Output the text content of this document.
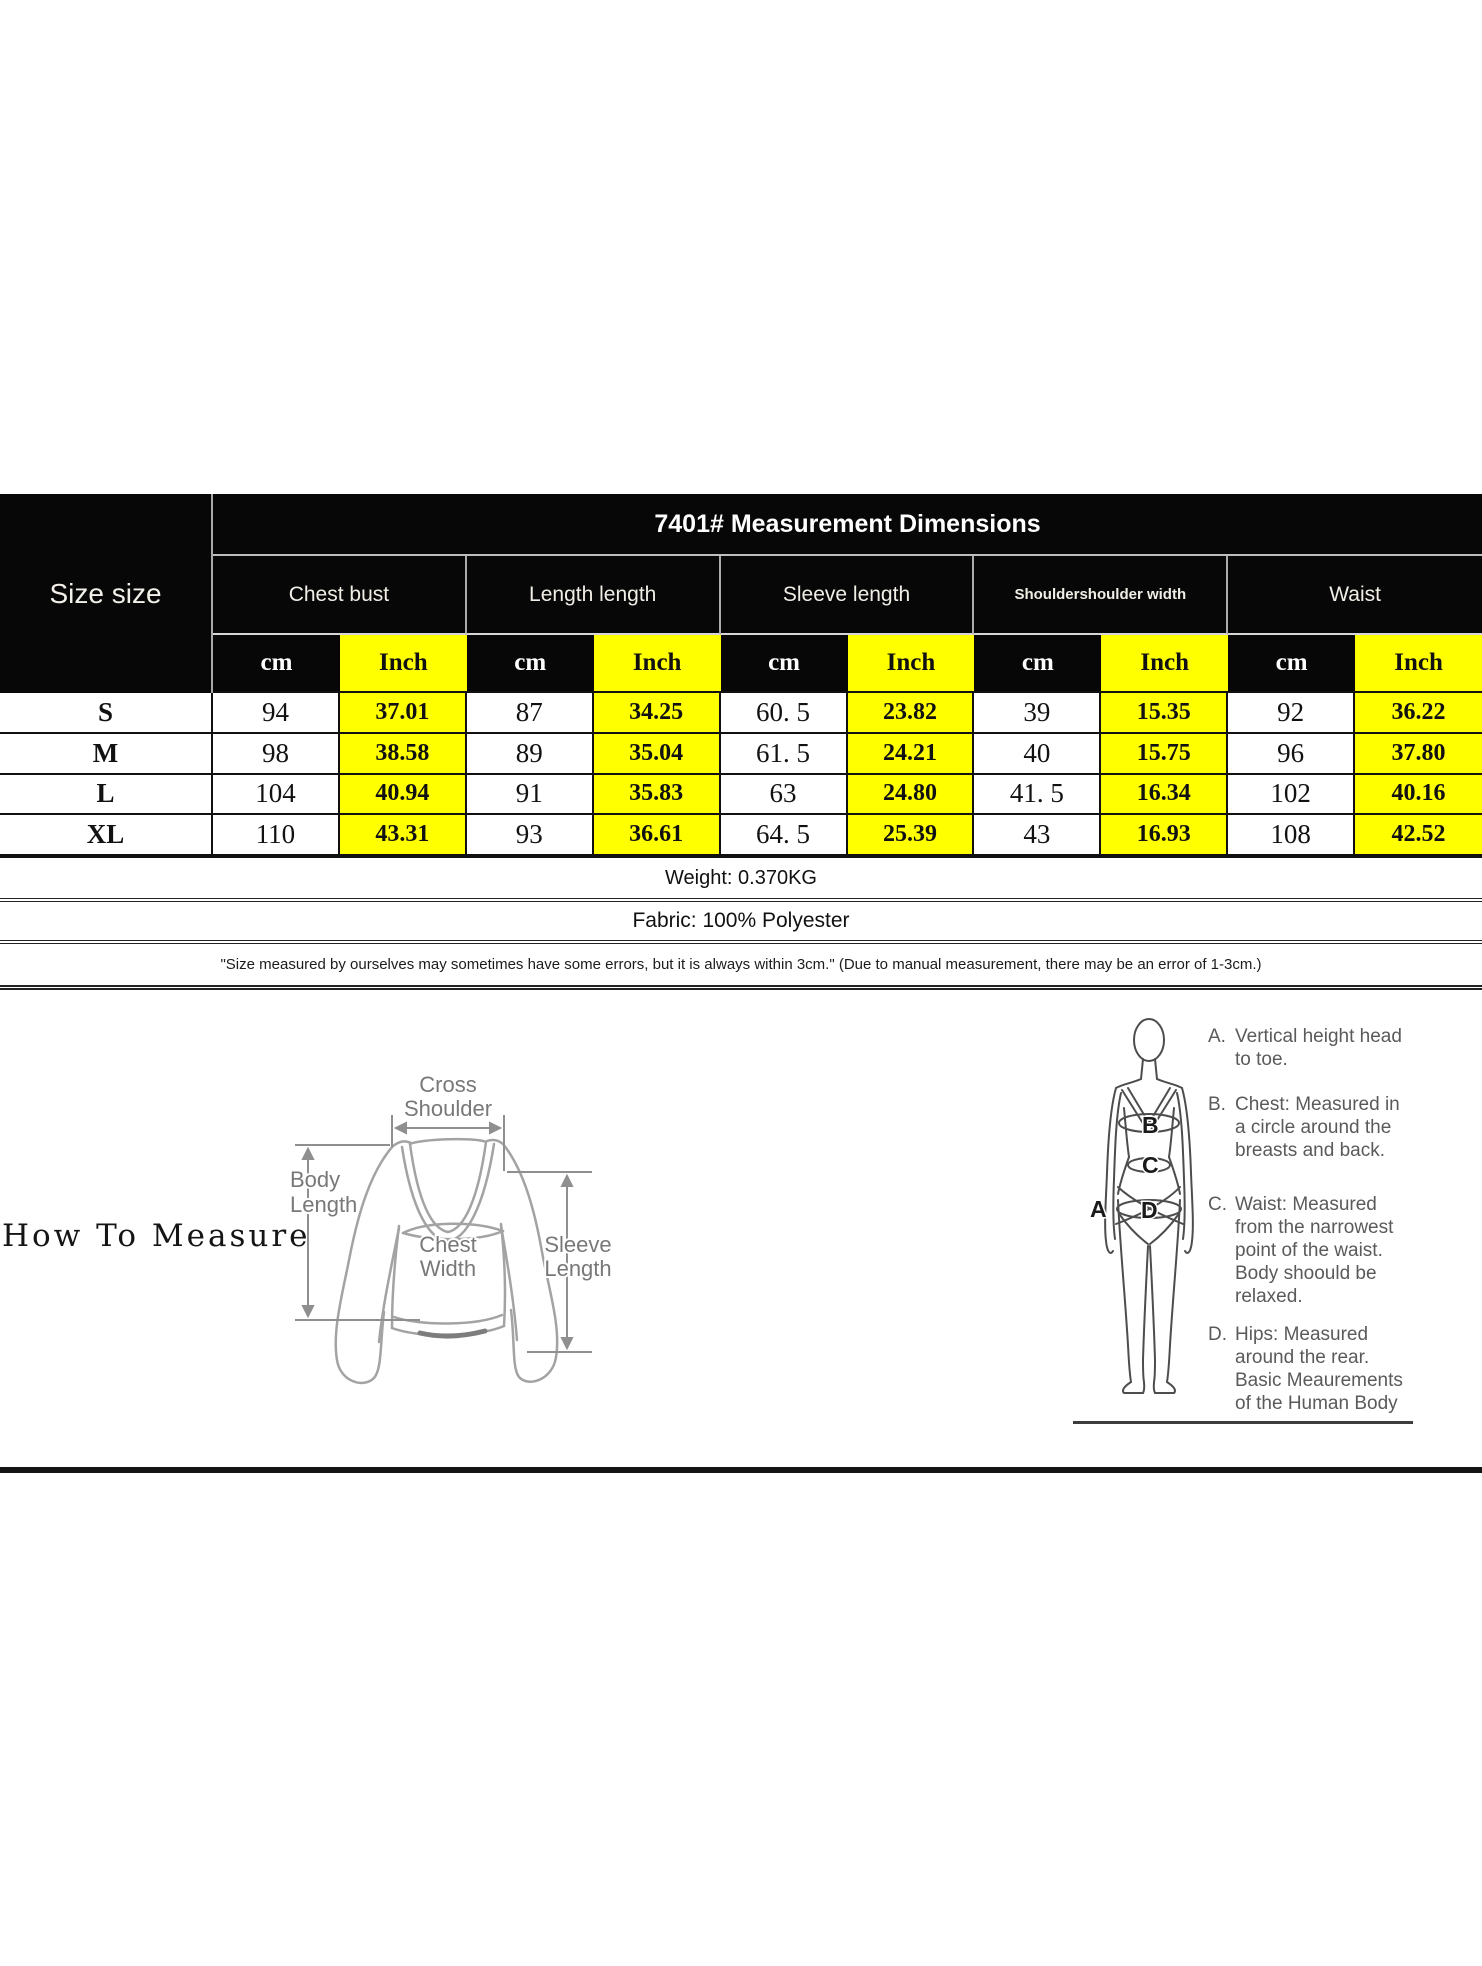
Size size
7401# Measurement Dimensions
Chest bust	Length length	Sleeve length	Shouldershoulder width	Waist
cm	Inch	cm	Inch	cm	Inch	cm	Inch	cm	Inch
S	94	37.01	87	34.25	60. 5	23.82	39	15.35	92	36.22
M	98	38.58	89	35.04	61. 5	24.21	40	15.75	96	37.80
L	104	40.94	91	35.83	63	24.80	41. 5	16.34	102	40.16
XL	110	43.31	93	36.61	64. 5	25.39	43	16.93	108	42.52
Weight: 0.370KG
Fabric: 100% Polyester
"Size measured by ourselves may sometimes have some errors, but it is always within 3cm." (Due to manual measurement, there may be an error of 1-3cm.)
How To Measure
Cross
Shoulder
Body
Length
Chest
Width
Sleeve
Length
A
B
C
D
A. Vertical height head to toe.
B. Chest: Measured in a circle around the breasts and back.
C. Waist: Measured from the narrowest point of the waist. Body shoould be relaxed.
D. Hips: Measured around the rear. Basic Meaurements of the Human Body
